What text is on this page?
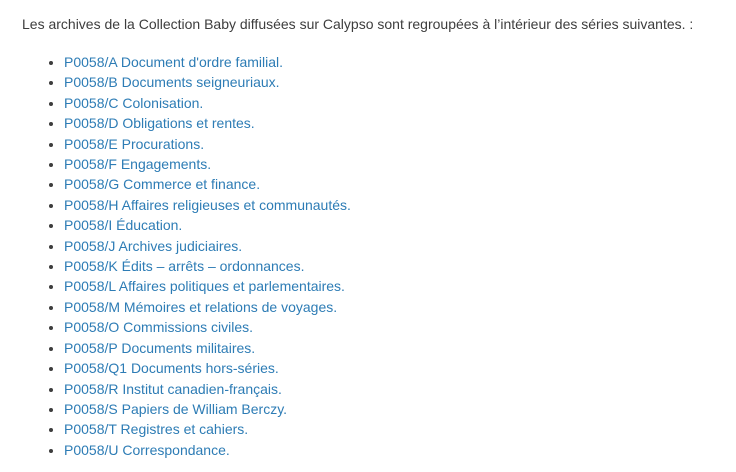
Les archives de la Collection Baby diffusées sur Calypso sont regroupées à l’intérieur des séries suivantes. :

• P0058/A Document d'ordre familial.
• P0058/B Documents seigneuriaux.
• P0058/C Colonisation.
• P0058/D Obligations et rentes.
• P0058/E Procurations.
• P0058/F Engagements.
• P0058/G Commerce et finance.
• P0058/H Affaires religieuses et communautés.
• P0058/I Éducation.
• P0058/J Archives judiciaires.
• P0058/K Édits – arrêts – ordonnances.
• P0058/L Affaires politiques et parlementaires.
• P0058/M Mémoires et relations de voyages.
• P0058/O Commissions civiles.
• P0058/P Documents militaires.
• P0058/Q1 Documents hors-séries.
• P0058/R Institut canadien-français.
• P0058/S Papiers de William Berczy.
• P0058/T Registres et cahiers.
• P0058/U Correspondance.
